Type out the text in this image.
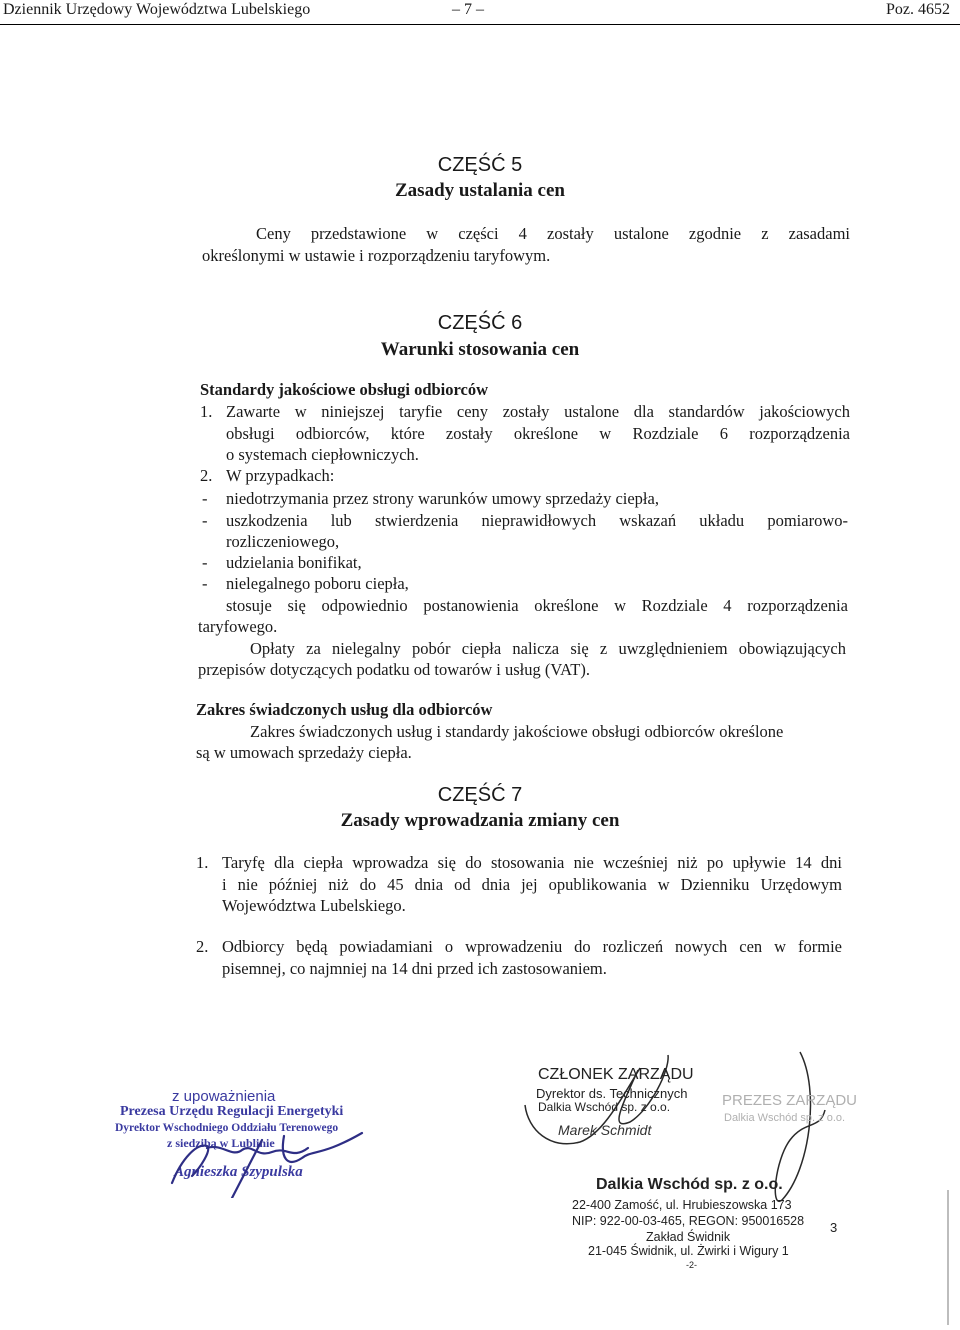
Dziennik Urzędowy Województwa Lubelskiego	– 7 –	Poz. 4652
CZĘŚĆ 5
Zasady ustalania cen
Ceny przedstawione w części 4 zostały ustalone zgodnie z zasadami
określonymi w ustawie i rozporządzeniu taryfowym.
CZĘŚĆ 6
Warunki stosowania cen
Standardy jakościowe obsługi odbiorców
1. Zawarte w niniejszej taryfie ceny zostały ustalone dla standardów jakościowych
obsługi odbiorców, które zostały określone w Rozdziale 6 rozporządzenia
o systemach ciepłowniczych.
2. W przypadkach:
- niedotrzymania przez strony warunków umowy sprzedaży ciepła,
- uszkodzenia lub stwierdzenia nieprawidłowych wskazań układu pomiarowo-
rozliczeniowego,
- udzielania bonifikat,
- nielegalnego poboru ciepła,
stosuje się odpowiednio postanowienia określone w Rozdziale 4 rozporządzenia
taryfowego.
Opłaty za nielegalny pobór ciepła nalicza się z uwzględnieniem obowiązujących
przepisów dotyczących podatku od towarów i usług (VAT).
Zakres świadczonych usług dla odbiorców
Zakres świadczonych usług i standardy jakościowe obsługi odbiorców określone
są w umowach sprzedaży ciepła.
CZĘŚĆ 7
Zasady wprowadzania zmiany cen
1. Taryfę dla ciepła wprowadza się do stosowania nie wcześniej niż po upływie 14 dni
i nie później niż do 45 dnia od dnia jej opublikowania w Dzienniku Urzędowym
Województwa Lubelskiego.
2. Odbiorcy będą powiadamiani o wprowadzeniu do rozliczeń nowych cen w formie
pisemnej, co najmniej na 14 dni przed ich zastosowaniem.
z upoważnienia
Prezesa Urzędu Regulacji Energetyki
Dyrektor Wschodniego Oddziału Terenowego
z siedzibą w Lublinie
Agnieszka Szypulska
CZŁONEK ZARZĄDU
Dyrektor ds. Technicznych
Dalkia Wschód sp. z o.o.
Marek Schmidt
PREZES ZARZĄDU
Dalkia Wschód sp. z o.o.
Dalkia Wschód sp. z o.o.
22-400 Zamość, ul. Hrubieszowska 173
NIP: 922-00-03-465, REGON: 950016528
Zakład Świdnik
21-045 Świdnik, ul. Żwirki i Wigury 1
-2-
3
